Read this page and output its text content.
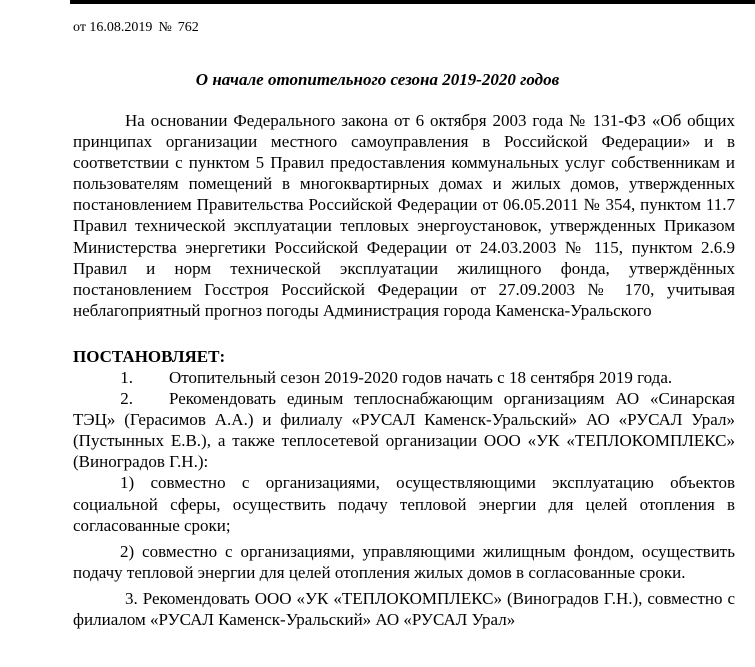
от 16.08.2019 № 762
О начале отопительного сезона 2019-2020 годов

На основании Федерального закона от 6 октября 2003 года № 131-ФЗ «Об общих принципах организации местного самоуправления в Российской Федерации» и в соответствии с пунктом 5 Правил предоставления коммунальных услуг собственникам и пользователям помещений в многоквартирных домах и жилых домов, утвержденных постановлением Правительства Российской Федерации от 06.05.2011 № 354, пунктом 11.7 Правил технической эксплуатации тепловых энергоустановок, утвержденных Приказом Министерства энергетики Российской Федерации от 24.03.2003 № 115, пунктом 2.6.9 Правил и норм технической эксплуатации жилищного фонда, утверждённых постановлением Госстроя Российской Федерации от 27.09.2003 № 170, учитывая неблагоприятный прогноз погоды Администрация города Каменска-Уральского

ПОСТАНОВЛЯЕТ:

1. Отопительный сезон 2019-2020 годов начать с 18 сентября 2019 года.

2. Рекомендовать единым теплоснабжающим организациям АО «Синарская ТЭЦ» (Герасимов А.А.) и филиалу «РУСАЛ Каменск-Уральский» АО «РУСАЛ Урал» (Пустынных Е.В.), а также теплосетевой организации ООО «УК «ТЕПЛОКОМПЛЕКС» (Виноградов Г.Н.):

1) совместно с организациями, осуществляющими эксплуатацию объектов социальной сферы, осуществить подачу тепловой энергии для целей отопления в согласованные сроки;

2) совместно с организациями, управляющими жилищным фондом, осуществить подачу тепловой энергии для целей отопления жилых домов в согласованные сроки.

3. Рекомендовать ООО «УК «ТЕПЛОКОМПЛЕКС» (Виноградов Г.Н.), совместно с филиалом «РУСАЛ Каменск-Уральский» АО «РУСАЛ Урал»
